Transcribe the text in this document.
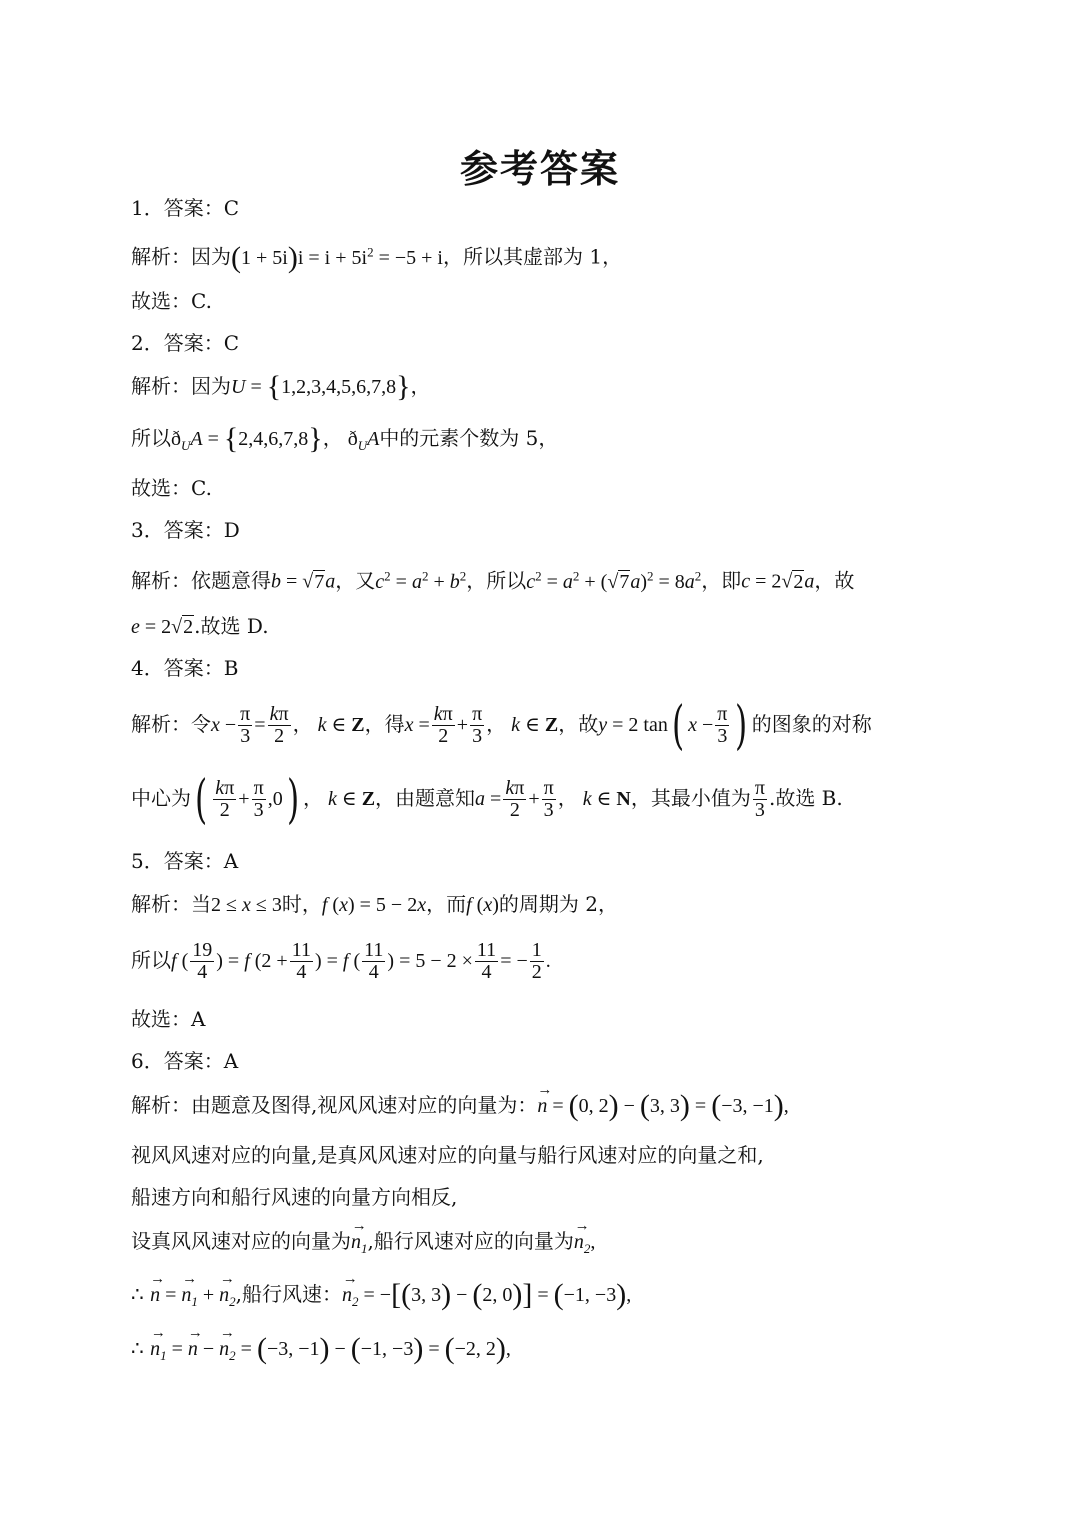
参考答案
1．答案：C
解析：因为$(1 + 5i)i = i + 5i^2 = -5 + i$，所以其虚部为 1，
故选：C.
2．答案：C
解析：因为U = {1,2,3,4,5,6,7,8}，
所以$ð_UA = \{2,4,6,7,8\}$， $ð_UA$中的元素个数为 5，
故选：C.
3．答案：D
解析：依题意得b = √7a，又$c^2 = a^2 + b^2$，所以$c^2 = a^2 + (√7a)^2 = 8a^2$，即c = 2√2a，故
e = 2√2.故选 D.
4．答案：B
解析：令$x - \frac{\pi}{3} = \frac{k\pi}{2}$ ， k ∈ Z，得$x = \frac{k\pi}{2} + \frac{\pi}{3}$ ， k ∈ Z，故y = 2 tan( $x - \frac{\pi}{3}$ ) 的图象的对称
中心为( $\frac{k\pi}{2} + \frac{\pi}{3} ,0$) ， k ∈ Z，由题意知$a = \frac{k\pi}{2} + \frac{\pi}{3}$ ， k ∈ N，其最小值为 $\frac{\pi}{3}$ .故选 B.
5．答案：A
解析：当2 ≤ x ≤ 3时，f (x) = 5 − 2x，而f (x)的周期为 2，
所以f ( $\frac{19}{4}$ ) = f ($2 + \frac{11}{4}$ ) = f ( $\frac{11}{4}$ ) = $5 - 2 \times \frac{11}{4}$ = − $\frac{1}{2}$ .
故选：A
6．答案：A
解析：由题意及图得,视风风速对应的向量为：→ n = (0, 2) − (3, 3) = (−3, −1),
视风风速对应的向量,是真风风速对应的向量与船行风速对应的向量之和,
船速方向和船行风速的向量方向相反,
设真风风速对应的向量为→ $n_1$,船行风速对应的向量为→ $n_2$,
∴ → n = → $n_1$ + → $n_2$,船行风速：→ $n_2 = -[(3$, 3) − (2, 0)] = (−1, −3),
∴ → $n_1$ = → n − → $n_2 = (-3$, −1) − (−1, −3) = (−2, 2),
